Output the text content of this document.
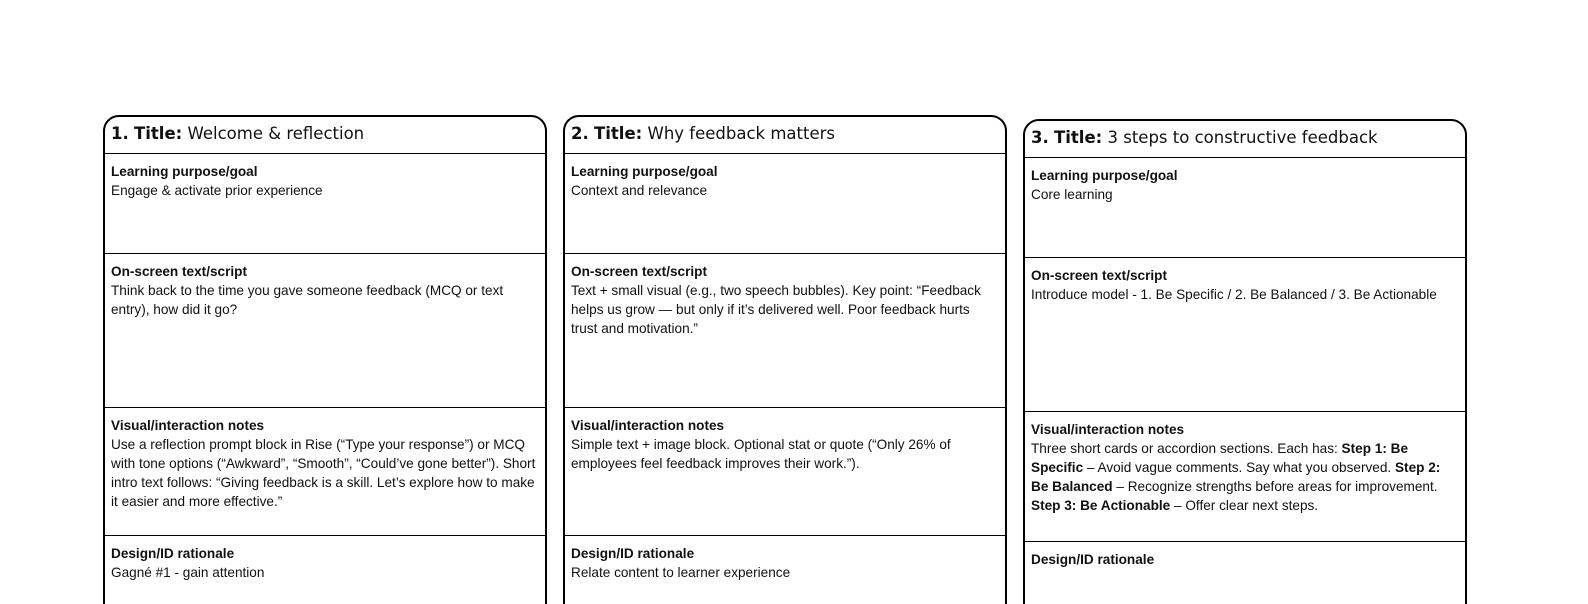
1. Title: Welcome & reflection
Learning purpose/goal
Engage & activate prior experience
On-screen text/script
Think back to the time you gave someone feedback (MCQ or text entry), how did it go?
Visual/interaction notes
Use a reflection prompt block in Rise (“Type your response”) or MCQ with tone options (“Awkward”, “Smooth”, “Could’ve gone better”). Short intro text follows: “Giving feedback is a skill. Let’s explore how to make it easier and more effective.”
Design/ID rationale
Gagné #1 - gain attention
2. Title: Why feedback matters
Learning purpose/goal
Context and relevance
On-screen text/script
Text + small visual (e.g., two speech bubbles). Key point: “Feedback helps us grow — but only if it’s delivered well. Poor feedback hurts trust and motivation.”
Visual/interaction notes
Simple text + image block. Optional stat or quote (“Only 26% of employees feel feedback improves their work.”).
Design/ID rationale
Relate content to learner experience
3. Title: 3 steps to constructive feedback
Learning purpose/goal
Core learning
On-screen text/script
Introduce model - 1. Be Specific / 2. Be Balanced / 3. Be Actionable
Visual/interaction notes
Three short cards or accordion sections. Each has: Step 1: Be Specific – Avoid vague comments. Say what you observed. Step 2: Be Balanced – Recognize strengths before areas for improvement. Step 3: Be Actionable – Offer clear next steps.
Design/ID rationale
